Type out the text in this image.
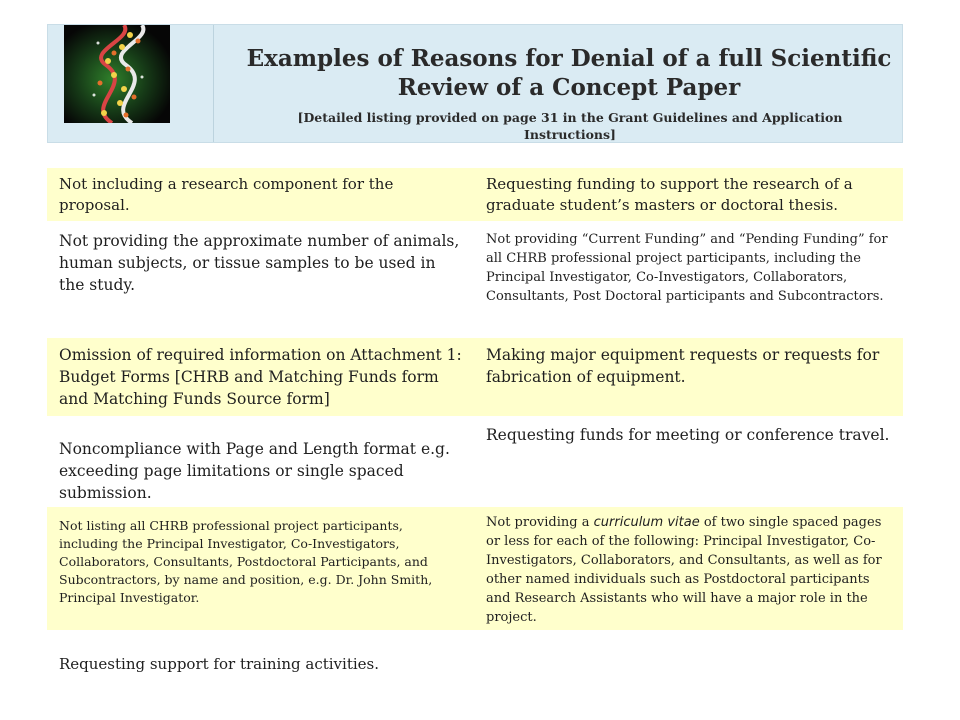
Examples of Reasons for Denial of a full Scientific Review of a Concept Paper
[Detailed listing provided on page 31 in the Grant Guidelines and Application Instructions]
Not including a research component for the proposal.
Requesting funding to support the research of a graduate student’s masters or doctoral thesis.
Not providing the approximate number of animals, human subjects, or tissue samples to be used in the study.
Not providing “Current Funding” and “Pending Funding” for all CHRB professional project participants, including the Principal Investigator, Co-Investigators, Collaborators, Consultants, Post Doctoral participants and Subcontractors.
Omission of required information on Attachment 1: Budget Forms [CHRB and Matching Funds form and Matching Funds Source form]
Making major equipment requests or requests for fabrication of equipment.
Noncompliance with Page and Length format e.g. exceeding page limitations or single spaced submission.
Requesting funds for meeting or conference travel.
Not listing all CHRB professional project participants, including the Principal Investigator, Co-Investigators, Collaborators, Consultants, Postdoctoral Participants, and Subcontractors, by name and position, e.g. Dr. John Smith, Principal Investigator.
Not providing a curriculum vitae of two single spaced pages or less for each of the following: Principal Investigator, Co-Investigators, Collaborators, and Consultants, as well as for other named individuals such as Postdoctoral participants and Research Assistants who will have a major role in the project.
Requesting support for training activities.
